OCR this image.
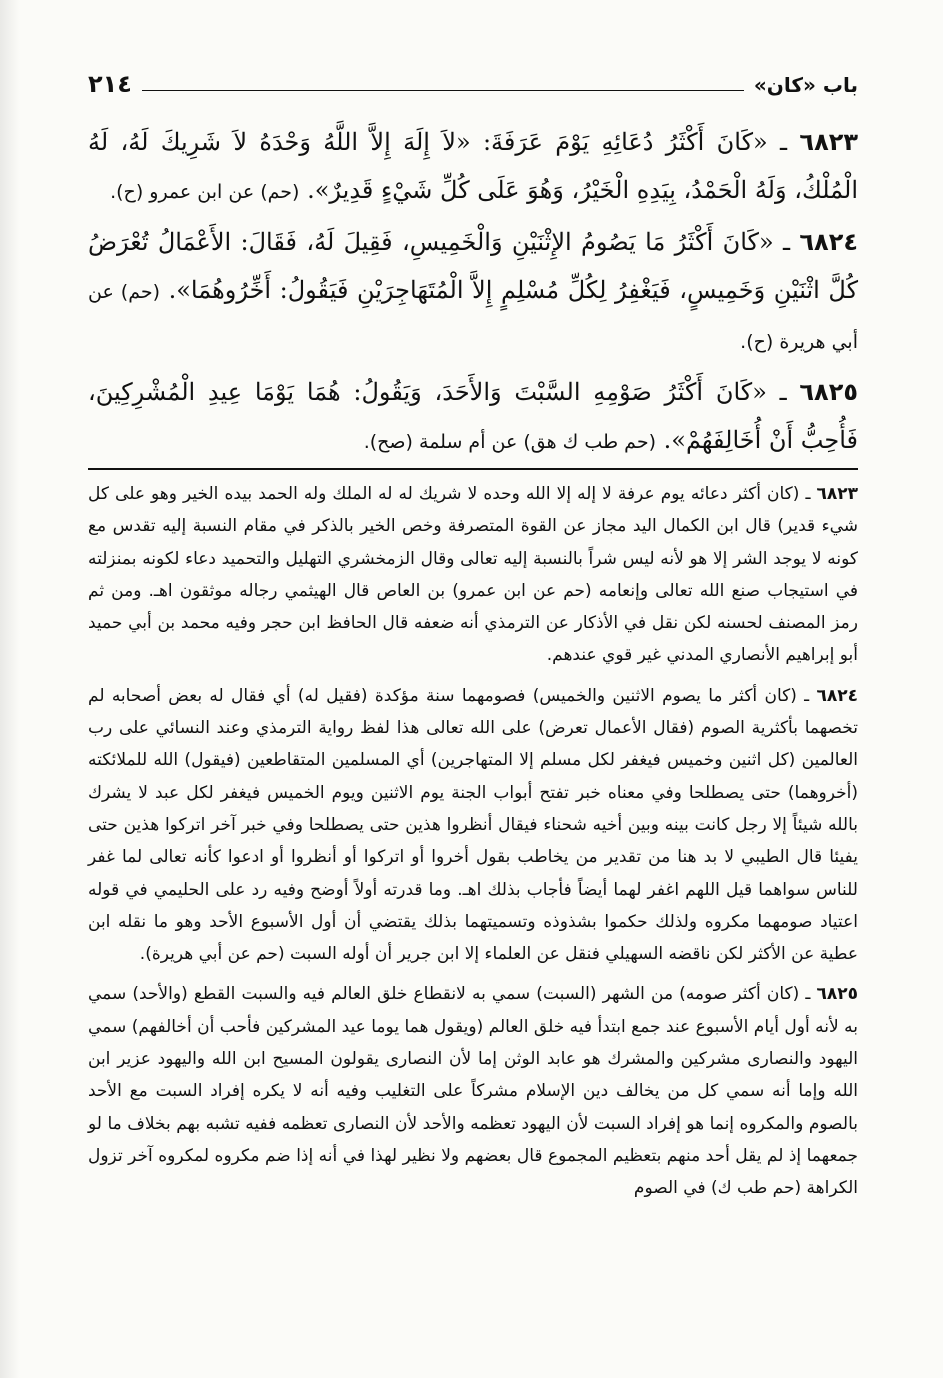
باب «كان»
٢١٤

٦٨٢٣ ـ «كَانَ أَكْثَرُ دُعَائِهِ يَوْمَ عَرَفَةَ: «لاَ إِلَهَ إِلاَّ اللَّهُ وَحْدَهُ لاَ شَرِيكَ لَهُ، لَهُ الْمُلْكُ، وَلَهُ الْحَمْدُ، بِيَدِهِ الْخَيْرُ، وَهُوَ عَلَى كُلِّ شَيْءٍ قَدِيرٌ». (حم) عن ابن عمرو (ح).

٦٨٢٤ ـ «كَانَ أَكْثَرُ مَا يَصُومُ الإِثْنَيْنِ وَالْخَمِيسِ، فَقِيلَ لَهُ، فَقَالَ: الأَعْمَالُ تُعْرَضُ كُلَّ اثْنَيْنِ وَخَمِيسٍ، فَيَغْفِرُ لِكُلِّ مُسْلِمٍ إِلاَّ الْمُتَهَاجِرَيْنِ فَيَقُولُ: أَخِّرُوهُمَا». (حم) عن أبي هريرة (ح).

٦٨٢٥ ـ «كَانَ أَكْثَرُ صَوْمِهِ السَّبْتَ وَالأَحَدَ، وَيَقُولُ: هُمَا يَوْمَا عِيدِ الْمُشْرِكِينَ، فَأُحِبُّ أَنْ أُخَالِفَهُمْ». (حم طب ك هق) عن أم سلمة (صح).

٦٨٢٣ ـ (كان أكثر دعائه يوم عرفة لا إله إلا الله وحده لا شريك له له الملك وله الحمد بيده الخير وهو على كل شيء قدير) قال ابن الكمال اليد مجاز عن القوة المتصرفة وخص الخير بالذكر في مقام النسبة إليه تقدس مع كونه لا يوجد الشر إلا هو لأنه ليس شراً بالنسبة إليه تعالى وقال الزمخشري التهليل والتحميد دعاء لكونه بمنزلته في استيجاب صنع الله تعالى وإنعامه (حم عن ابن عمرو) بن العاص قال الهيثمي رجاله موثقون اهـ. ومن ثم رمز المصنف لحسنه لكن نقل في الأذكار عن الترمذي أنه ضعفه قال الحافظ ابن حجر وفيه محمد بن أبي حميد أبو إبراهيم الأنصاري المدني غير قوي عندهم.

٦٨٢٤ ـ (كان أكثر ما يصوم الاثنين والخميس) فصومهما سنة مؤكدة (فقيل له) أي فقال له بعض أصحابه لم تخصهما بأكثرية الصوم (فقال الأعمال تعرض) على الله تعالى هذا لفظ رواية الترمذي وعند النسائي على رب العالمين (كل اثنين وخميس فيغفر لكل مسلم إلا المتهاجرين) أي المسلمين المتقاطعين (فيقول) الله للملائكته (أخروهما) حتى يصطلحا وفي معناه خبر تفتح أبواب الجنة يوم الاثنين ويوم الخميس فيغفر لكل عبد لا يشرك بالله شيئاً إلا رجل كانت بينه وبين أخيه شحناء فيقال أنظروا هذين حتى يصطلحا وفي خبر آخر اتركوا هذين حتى يفيئا قال الطيبي لا بد هنا من تقدير من يخاطب بقول أخروا أو اتركوا أو أنظروا أو ادعوا كأنه تعالى لما غفر للناس سواهما قيل اللهم اغفر لهما أيضاً فأجاب بذلك اهـ. وما قدرته أولاً أوضح وفيه رد على الحليمي في قوله اعتياد صومهما مكروه ولذلك حكموا بشذوذه وتسميتهما بذلك يقتضي أن أول الأسبوع الأحد وهو ما نقله ابن عطية عن الأكثر لكن ناقضه السهيلي فنقل عن العلماء إلا ابن جرير أن أوله السبت (حم عن أبي هريرة).

٦٨٢٥ ـ (كان أكثر صومه) من الشهر (السبت) سمي به لانقطاع خلق العالم فيه والسبت القطع (والأحد) سمي به لأنه أول أيام الأسبوع عند جمع ابتدأ فيه خلق العالم (ويقول هما يوما عيد المشركين فأحب أن أخالفهم) سمي اليهود والنصارى مشركين والمشرك هو عابد الوثن إما لأن النصارى يقولون المسيح ابن الله واليهود عزير ابن الله وإما أنه سمي كل من يخالف دين الإسلام مشركاً على التغليب وفيه أنه لا يكره إفراد السبت مع الأحد بالصوم والمكروه إنما هو إفراد السبت لأن اليهود تعظمه والأحد لأن النصارى تعظمه ففيه تشبه بهم بخلاف ما لو جمعهما إذ لم يقل أحد منهم بتعظيم المجموع قال بعضهم ولا نظير لهذا في أنه إذا ضم مكروه لمكروه آخر تزول الكراهة (حم طب ك) في الصوم
